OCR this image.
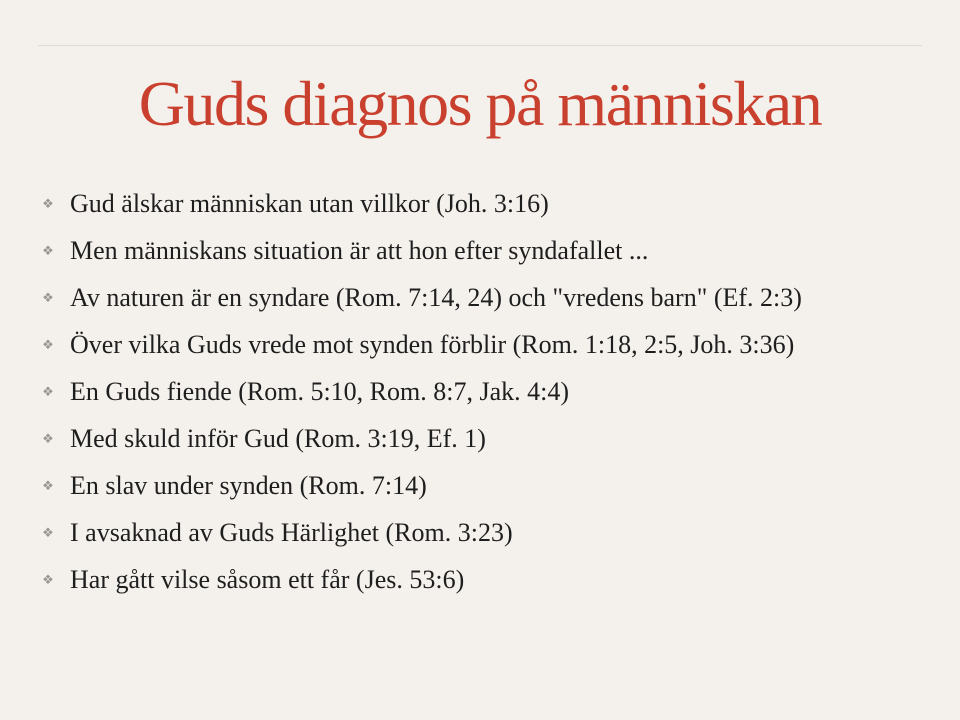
Guds diagnos på människan
❖ Gud älskar människan utan villkor (Joh. 3:16)
❖ Men människans situation är att hon efter syndafallet ...
❖ Av naturen är en syndare (Rom. 7:14, 24) och "vredens barn" (Ef. 2:3)
❖ Över vilka Guds vrede mot synden förblir (Rom. 1:18, 2:5, Joh. 3:36)
❖ En Guds fiende (Rom. 5:10, Rom. 8:7, Jak. 4:4)
❖ Med skuld inför Gud (Rom. 3:19, Ef. 1)
❖ En slav under synden (Rom. 7:14)
❖ I avsaknad av Guds Härlighet (Rom. 3:23)
❖ Har gått vilse såsom ett får (Jes. 53:6)
